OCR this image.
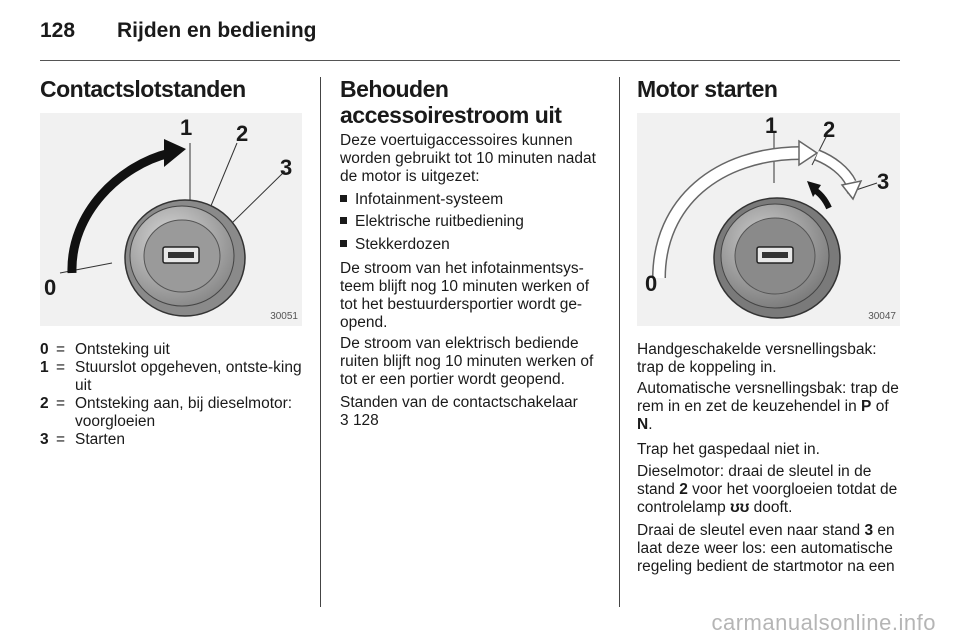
128 Rijden en bediening
Contactslotstanden
1 2
3
0
30051
0 = Ontsteking uit
1 = Stuurslot opgeheven, ontste-king uit
2 = Ontsteking aan, bij dieselmotor: voorgloeien
3 = Starten
Behouden
accessoirestroom uit

Deze voertuigaccessoires kunnen worden gebruikt tot 10 minuten nadat de motor is uitgezet:

Infotainment-systeem
Elektrische ruitbediening
Stekkerdozen

De stroom van het infotainmentsys-teem blijft nog 10 minuten werken of tot het bestuurdersportier wordt ge-opend.

De stroom van elektrisch bediende ruiten blijft nog 10 minuten werken of tot er een portier wordt geopend.

Standen van de contactschakelaar
3 128

Motor starten
1 2
3
0
30047

Handgeschakelde versnellingsbak: trap de koppeling in.

Automatische versnellingsbak: trap de rem in en zet de keuzehendel in P of N.

Trap het gaspedaal niet in.

Dieselmotor: draai de sleutel in de stand 2 voor het voorgloeien totdat de controlelamp ʊʊ dooft.

Draai de sleutel even naar stand 3 en laat deze weer los: een automatische regeling bedient de startmotor na een

carmanualsonline.info
